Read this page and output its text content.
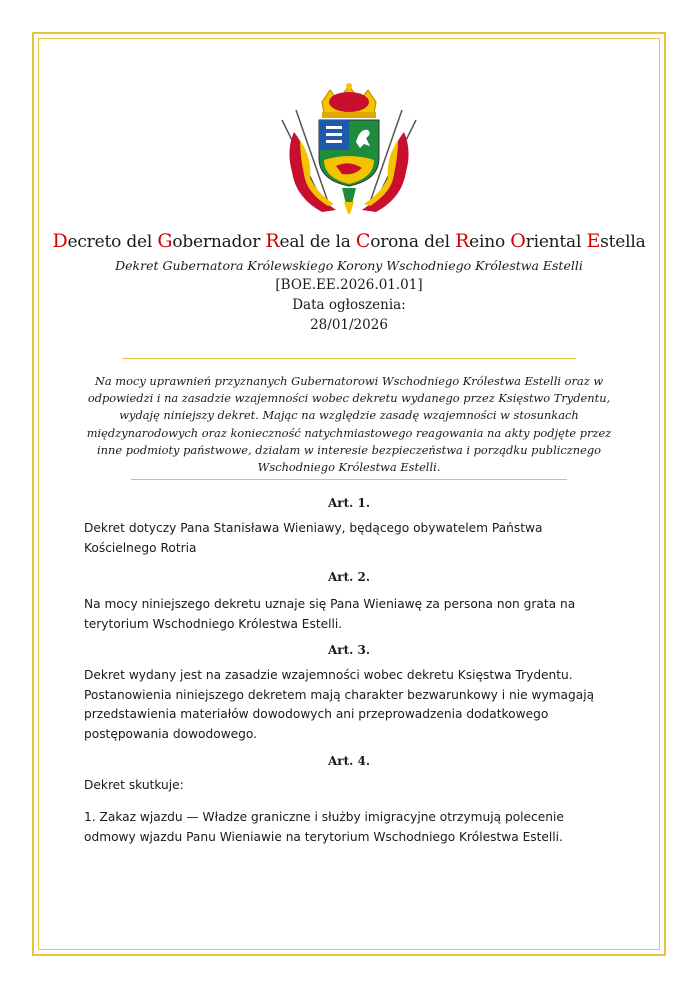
Decreto del Gobernador Real de la Corona del Reino Oriental Estella
Dekret Gubernatora Królewskiego Korony Wschodniego Królestwa Estelli
[BOE.EE.2026.01.01]
Data ogłoszenia:
28/01/2026
Na mocy uprawnień przyznanych Gubernatorowi Wschodniego Królestwa Estelli oraz w odpowiedzi i na zasadzie wzajemności wobec dekretu wydanego przez Księstwo Trydentu, wydaję niniejszy dekret. Mając na względzie zasadę wzajemności w stosunkach międzynarodowych oraz konieczność natychmiastowego reagowania na akty podjęte przez inne podmioty państwowe, działam w interesie bezpieczeństwa i porządku publicznego Wschodniego Królestwa Estelli.
Art. 1.
Dekret dotyczy Pana Stanisława Wieniawy, będącego obywatelem Państwa Kościelnego Rotria
Art. 2.
Na mocy niniejszego dekretu uznaje się Pana Wieniawę za persona non grata na terytorium Wschodniego Królestwa Estelli.
Art. 3.
Dekret wydany jest na zasadzie wzajemności wobec dekretu Księstwa Trydentu. Postanowienia niniejszego dekretem mają charakter bezwarunkowy i nie wymagają przedstawienia materiałów dowodowych ani przeprowadzenia dodatkowego postępowania dowodowego.
Art. 4.
Dekret skutkuje:
1. Zakaz wjazdu — Władze graniczne i służby imigracyjne otrzymują polecenie odmowy wjazdu Panu Wieniawie na terytorium Wschodniego Królestwa Estelli.
